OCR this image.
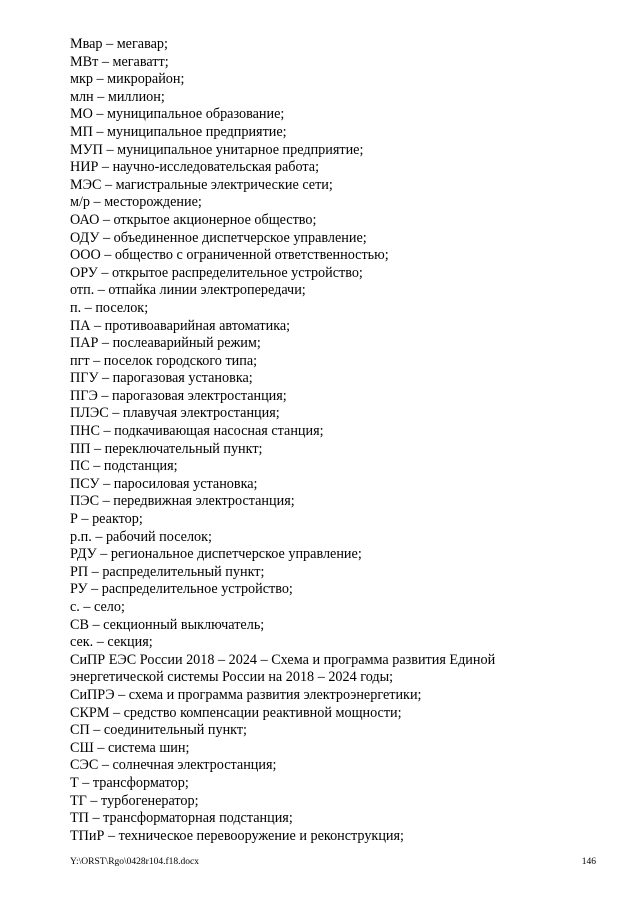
Мвар – мегавар;
МВт – мегаватт;
мкр – микрорайон;
млн – миллион;
МО – муниципальное образование;
МП – муниципальное предприятие;
МУП – муниципальное унитарное предприятие;
НИР – научно-исследовательская работа;
МЭС – магистральные электрические сети;
м/р – месторождение;
ОАО – открытое акционерное общество;
ОДУ – объединенное диспетчерское управление;
ООО – общество с ограниченной ответственностью;
ОРУ – открытое распределительное устройство;
отп. – отпайка линии электропередачи;
п. – поселок;
ПА – противоаварийная автоматика;
ПАР – послеаварийный режим;
пгт – поселок городского типа;
ПГУ – парогазовая установка;
ПГЭ – парогазовая электростанция;
ПЛЭС – плавучая электростанция;
ПНС – подкачивающая насосная станция;
ПП – переключательный пункт;
ПС – подстанция;
ПСУ – паросиловая установка;
ПЭС – передвижная электростанция;
Р – реактор;
р.п. – рабочий поселок;
РДУ – региональное диспетчерское управление;
РП – распределительный пункт;
РУ – распределительное устройство;
с. – село;
СВ – секционный выключатель;
сек. – секция;
СиПР ЕЭС России 2018 – 2024 – Схема и программа развития Единой энергетической системы России на 2018 – 2024 годы;
СиПРЭ – схема и программа развития электроэнергетики;
СКРМ – средство компенсации реактивной мощности;
СП – соединительный пункт;
СШ – система шин;
СЭС – солнечная электростанция;
Т – трансформатор;
ТГ – турбогенератор;
ТП – трансформаторная подстанция;
ТПиР – техническое перевооружение и реконструкция;
Y:\ORST\Rgo\0428r104.f18.docx	146
